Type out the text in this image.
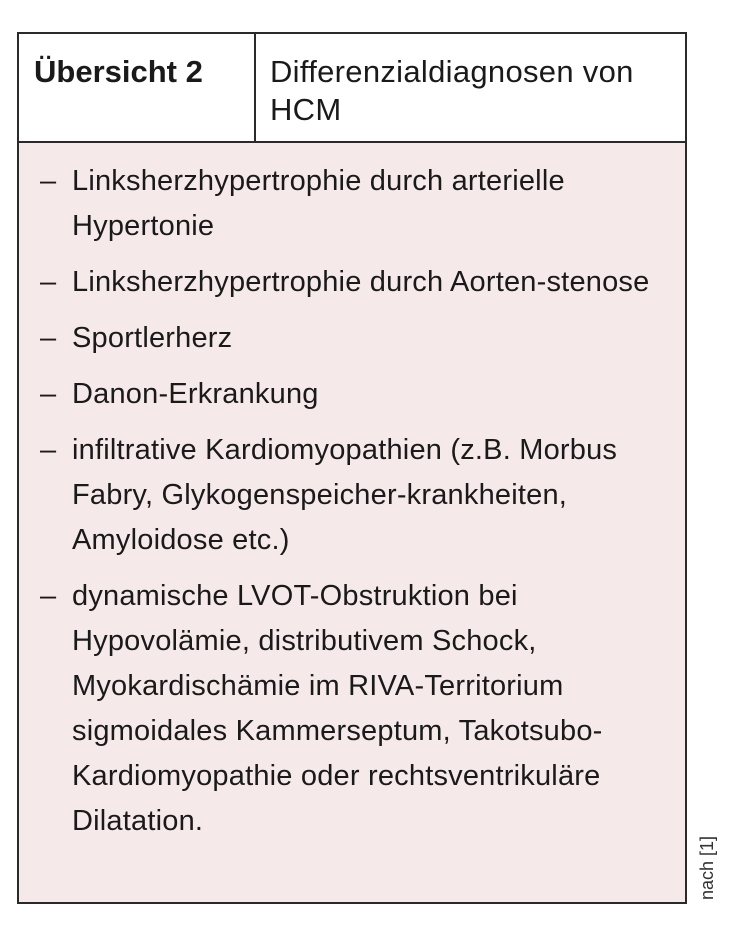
Übersicht 2	Differenzialdiagnosen von HCM
– Linksherzhypertrophie durch arterielle Hypertonie
– Linksherzhypertrophie durch Aorten-stenose
– Sportlerherz
– Danon-Erkrankung
– infiltrative Kardiomyopathien (z.B. Morbus Fabry, Glykogenspeicher-krankheiten, Amyloidose etc.)
– dynamische LVOT-Obstruktion bei Hypovolämie, distributivem Schock, Myokardischämie im RIVA-Territorium sigmoidales Kammerseptum, Takotsubo-Kardiomyopathie oder rechtsventrikuläre Dilatation.
nach [1]
